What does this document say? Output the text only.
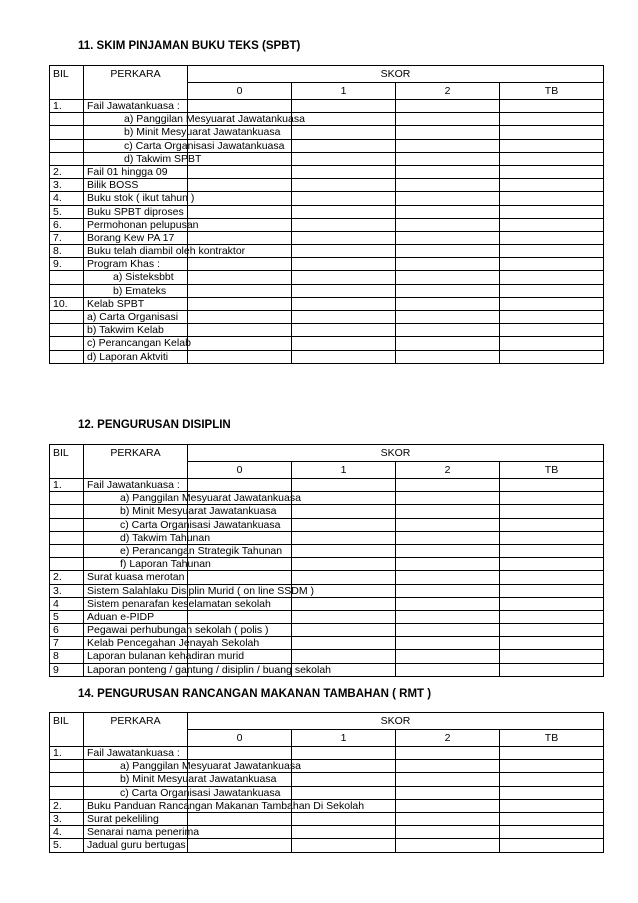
11. SKIM PINJAMAN BUKU TEKS (SPBT)
BIL	PERKARA	SKOR			
		0	1	2	TB
1.	Fail Jawatankuasa :				
	a) Panggilan Mesyuarat Jawatankuasa				
	b) Minit Mesyuarat Jawatankuasa				
	c) Carta Organisasi Jawatankuasa				
	d) Takwim SPBT				
2.	Fail 01 hingga 09				
3.	Bilik BOSS				
4.	Buku stok ( ikut tahun )				
5.	Buku SPBT diproses				
6.	Permohonan pelupusan				
7.	Borang Kew PA 17				
8.	Buku telah diambil oleh kontraktor				
9.	Program Khas :				
	a) Sisteksbbt				
	b) Emateks				
10.	Kelab SPBT				
	a) Carta Organisasi				
	b) Takwim Kelab				
	c) Perancangan Kelab				
	d) Laporan Aktviti				
12. PENGURUSAN DISIPLIN
BIL	PERKARA	SKOR			
		0	1	2	TB
1.	Fail Jawatankuasa :				
	a) Panggilan Mesyuarat Jawatankuasa				
	b) Minit Mesyuarat Jawatankuasa				
	c) Carta Organisasi Jawatankuasa				
	d) Takwim Tahunan				
	e) Perancangan Strategik Tahunan				
	f) Laporan Tahunan				
2.	Surat kuasa merotan				
3.	Sistem Salahlaku Disiplin Murid ( on line SSDM )				
4	Sistem penarafan keselamatan sekolah				
5	Aduan e-PIDP				
6	Pegawai perhubungan sekolah ( polis )				
7	Kelab Pencegahan Jenayah Sekolah				
8	Laporan bulanan kehadiran murid				
9	Laporan ponteng / gantung / disiplin / buang sekolah				
14. PENGURUSAN RANCANGAN MAKANAN TAMBAHAN ( RMT )
BIL	PERKARA	SKOR			
		0	1	2	TB
1.	Fail Jawatankuasa :				
	a) Panggilan Mesyuarat Jawatankuasa				
	b) Minit Mesyuarat Jawatankuasa				
	c) Carta Organisasi Jawatankuasa				
2.	Buku Panduan Rancangan Makanan Tambahan Di Sekolah				
3.	Surat pekeliling				
4.	Senarai nama penerima				
5.	Jadual guru bertugas				
